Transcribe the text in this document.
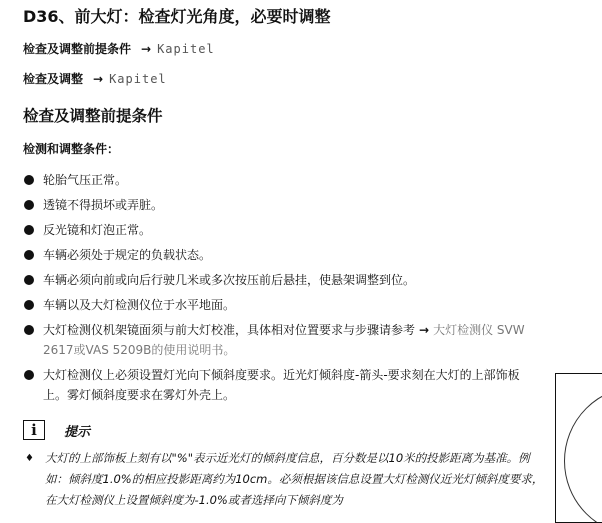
D36、前大灯：检查灯光角度，必要时调整
检查及调整前提条件 → Kapitel
检查及调整 → Kapitel
检查及调整前提条件
检测和调整条件：
轮胎气压正常。
透镜不得损坏或弄脏。
反光镜和灯泡正常。
车辆必须处于规定的负载状态。
车辆必须向前或向后行驶几米或多次按压前后悬挂，使悬架调整到位。
车辆以及大灯检测仪位于水平地面。
大灯检测仪机架镜面须与前大灯校准，具体相对位置要求与步骤请参考 → 大灯检测仪 SVW 2617或VAS 5209B的使用说明书。
大灯检测仪上必须设置灯光向下倾斜度要求。近光灯倾斜度-箭头-要求刻在大灯的上部饰板上。雾灯倾斜度要求在雾灯外壳上。
i	提示
♦ 大灯的上部饰板上刻有以"%"表示近光灯的倾斜度信息，百分数是以10米的投影距离为基准。例如：倾斜度1.0%的相应投影距离约为10cm。必须根据该信息设置大灯检测仪近光灯倾斜度要求，在大灯检测仪上设置倾斜度为-1.0%或者选择向下倾斜度为
